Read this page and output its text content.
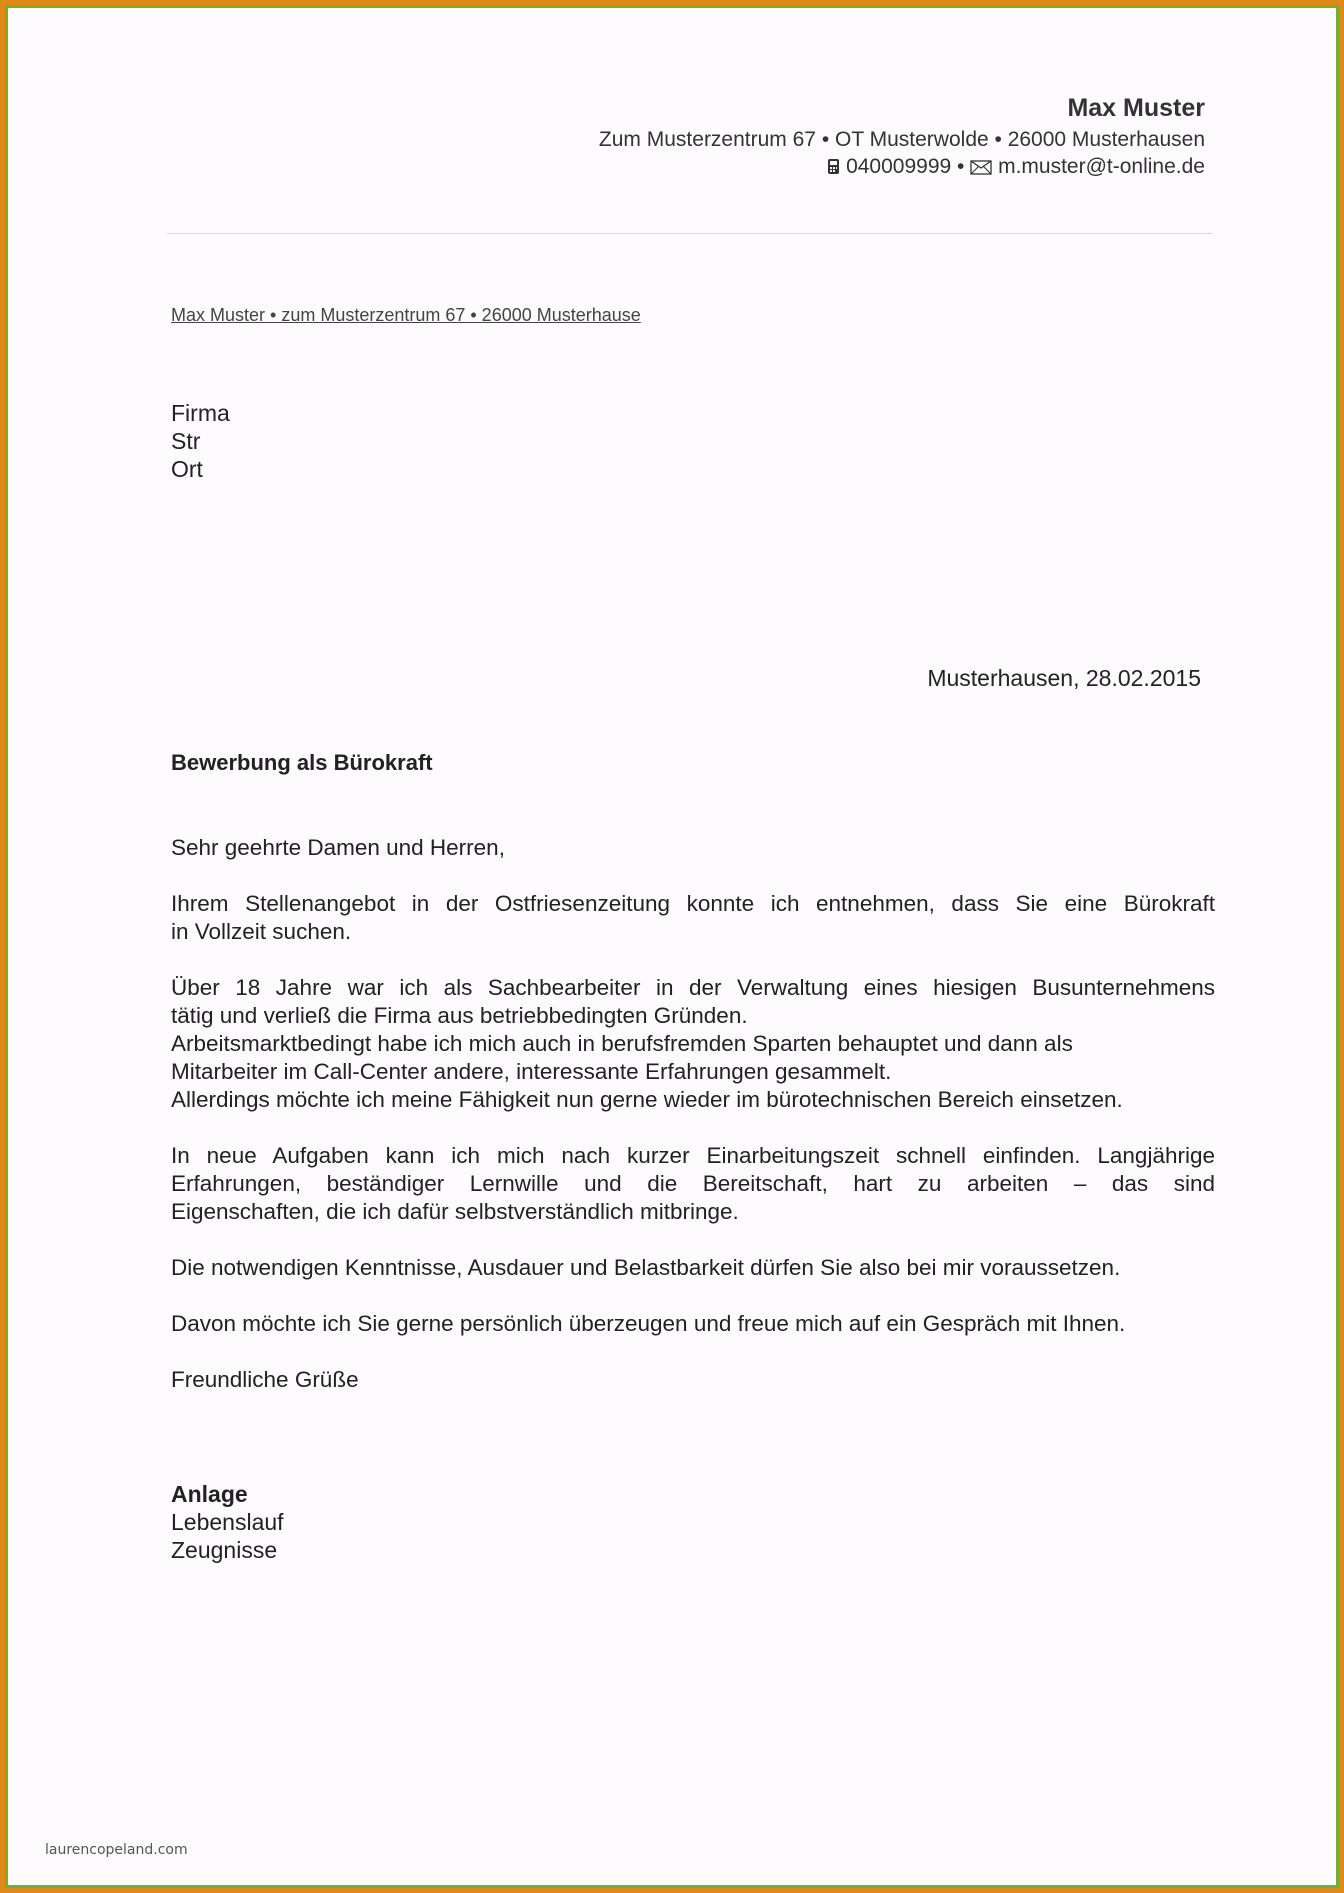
Max Muster
Zum Musterzentrum 67 • OT Musterwolde • 26000 Musterhausen
040009999 • m.muster@t-online.de
Max Muster • zum Musterzentrum 67 • 26000 Musterhause
Firma
Str
Ort
Musterhausen, 28.02.2015
Bewerbung als Bürokraft
Sehr geehrte Damen und Herren,

Ihrem Stellenangebot in der Ostfriesenzeitung konnte ich entnehmen, dass Sie eine Bürokraft

in Vollzeit suchen.

Über 18 Jahre war ich als Sachbearbeiter in der Verwaltung eines hiesigen Busunternehmens

tätig und verließ die Firma aus betriebbedingten Gründen.

Arbeitsmarktbedingt habe ich mich auch in berufsfremden Sparten behauptet und dann als

Mitarbeiter im Call-Center andere, interessante Erfahrungen gesammelt.

Allerdings möchte ich meine Fähigkeit nun gerne wieder im bürotechnischen Bereich einsetzen.

In neue Aufgaben kann ich mich nach kurzer Einarbeitungszeit schnell einfinden. Langjährige

Erfahrungen, beständiger Lernwille und die Bereitschaft, hart zu arbeiten – das sind

Eigenschaften, die ich dafür selbstverständlich mitbringe.

Die notwendigen Kenntnisse, Ausdauer und Belastbarkeit dürfen Sie also bei mir voraussetzen.
Davon möchte ich Sie gerne persönlich überzeugen und freue mich auf ein Gespräch mit Ihnen.
Freundliche Grüße
Anlage
Lebenslauf
Zeugnisse
laurencopeland.com
